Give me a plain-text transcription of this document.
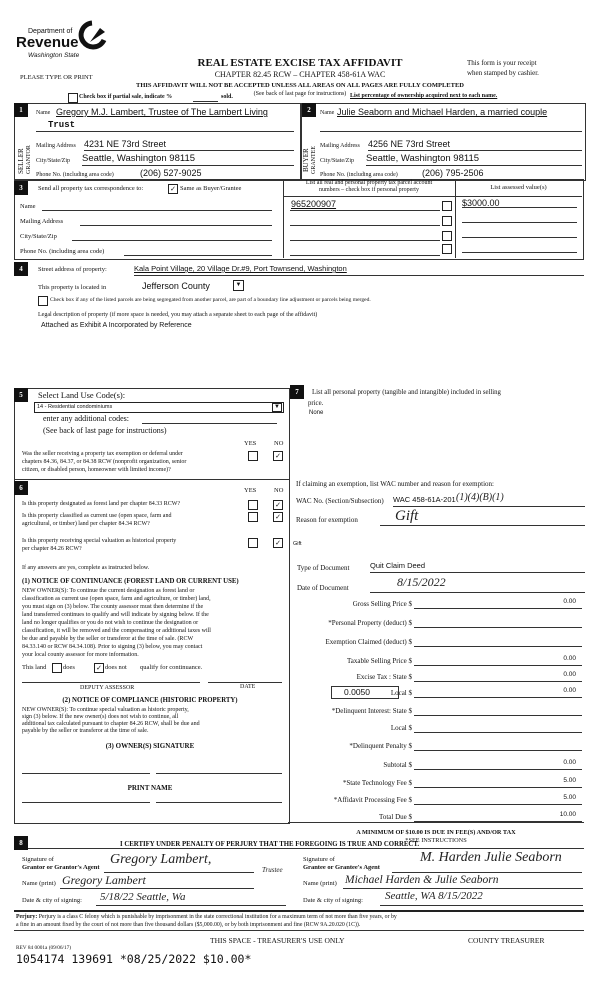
Department of
Revenue
Washington State
REAL ESTATE EXCISE TAX AFFIDAVIT
CHAPTER 82.45 RCW – CHAPTER 458-61A WAC
PLEASE TYPE OR PRINT
This form is your receipt
when stamped by cashier.
THIS AFFIDAVIT WILL NOT BE ACCEPTED UNLESS ALL AREAS ON ALL PAGES ARE FULLY COMPLETED
(See back of last page for instructions)
Check box if partial sale, indicate %	sold.	List percentage of ownership acquired next to each name.
1
SELLER GRANTOR
Name Gregory M.J. Lambert, Trustee of The Lambert Living
Trust
Mailing Address 4231 NE 73rd Street
City/State/Zip Seattle, Washington 98115
Phone No. (including area code)	(206) 527-9025
2
BUYER GRANTEE
Name Julie Seaborn and Michael Harden, a married couple
Mailing Address 4256 NE 73rd Street
City/State/Zip Seattle, Washington 98115
Phone No. (including area code)	(206) 795-2506
3	Send all property tax correspondence to:	✓ Same as Buyer/Grantee
Name
Mailing Address
City/State/Zip
Phone No. (including area code)
List all real and personal property tax parcel account
numbers – check box if personal property	List assessed value(s)
965200907	$3000.00
4	Street address of property:	Kala Point Village, 20 Village Dr.#9, Port Townsend, Washington
This property is located in	Jefferson County	▼
Check box if any of the listed parcels are being segregated from another parcel, are part of a boundary line adjustment or parcels being merged.
Legal description of property (if more space is needed, you may attach a separate sheet to each page of the affidavit)
Attached as Exhibit A Incorporated by Reference
5	Select Land Use Code(s):
14 - Residential condominiums	▼
enter any additional codes:
(See back of last page for instructions)
YES	NO
Was the seller receiving a property tax exemption or deferral under
chapters 84.36, 84.37, or 84.38 RCW (nonprofit organization, senior
citizen, or disabled person, homeowner with limited income)?
✓
6	YES	NO
Is this property designated as forest land per chapter 84.33 RCW?	✓
Is this property classified as current use (open space, farm and
agricultural, or timber) land per chapter 84.34 RCW?
✓
Is this property receiving special valuation as historical property
per chapter 84.26 RCW?
✓
If any answers are yes, complete as instructed below.
(1) NOTICE OF CONTINUANCE (FOREST LAND OR CURRENT USE)
NEW OWNER(S): To continue the current designation as forest land or
classification as current use (open space, farm and agriculture, or timber) land,
you must sign on (3) below. The county assessor must then determine if the
land transferred continues to qualify and will indicate by signing below. If the
land no longer qualifies or you do not wish to continue the designation or
classification, it will be removed and the compensating or additional taxes will
be due and payable by the seller or transferor at the time of sale. (RCW
84.33.140 or RCW 84.34.108). Prior to signing (3) below, you may contact
your local county assessor for more information.
This land	does	✓ does not qualify for continuance.
DEPUTY ASSESSOR	DATE
(2) NOTICE OF COMPLIANCE (HISTORIC PROPERTY)
NEW OWNER(S): To continue special valuation as historic property,
sign (3) below. If the new owner(s) does not wish to continue, all
additional tax calculated pursuant to chapter 84.26 RCW, shall be due and
payable by the seller or transferor at the time of sale.
(3) OWNER(S) SIGNATURE
PRINT NAME
7	List all personal property (tangible and intangible) included in selling
price.
None
If claiming an exemption, list WAC number and reason for exemption:
WAC No. (Section/Subsection) WAC 458-61A-201 (1)(4)(B)(1)
Reason for exemption Gift
Gift
Type of Document	Quit Claim Deed
Date of Document	8/15/2022
Gross Selling Price $	0.00
*Personal Property (deduct) $
Exemption Claimed (deduct) $
Taxable Selling Price $	0.00
Excise Tax : State $	0.00
Local $	0.00
*Delinquent Interest: State $
Local $
*Delinquent Penalty $
Subtotal $	0.00
*State Technology Fee $	5.00
*Affidavit Processing Fee $	5.00
Total Due $	10.00
0.0050
A MINIMUM OF $10.00 IS DUE IN FEE(S) AND/OR TAX
*SEE INSTRUCTIONS
8	I CERTIFY UNDER PENALTY OF PERJURY THAT THE FOREGOING IS TRUE AND CORRECT.
Signature of
Grantor or Grantor's Agent
Gregory Lambert,
Trustee
Name (print) Gregory Lambert
Date & city of signing: 5/18/22 Seattle, Wa
Signature of
Grantee or Grantee's Agent
M. Harden Julie Seaborn
Name (print) Michael Harden & Julie Seaborn
Date & city of signing: Seattle, WA 8/15/2022
Perjury: Perjury is a class C felony which is punishable by imprisonment in the state correctional institution for a maximum term of not more than five years, or by
a fine in an amount fixed by the court of not more than five thousand dollars ($5,000.00), or by both imprisonment and fine (RCW 9A.20.020 (1C)).
REV 84 0001a (09/06/17)
THIS SPACE - TREASURER'S USE ONLY	COUNTY TREASURER
1054174 139691 *08/25/2022 $10.00*
